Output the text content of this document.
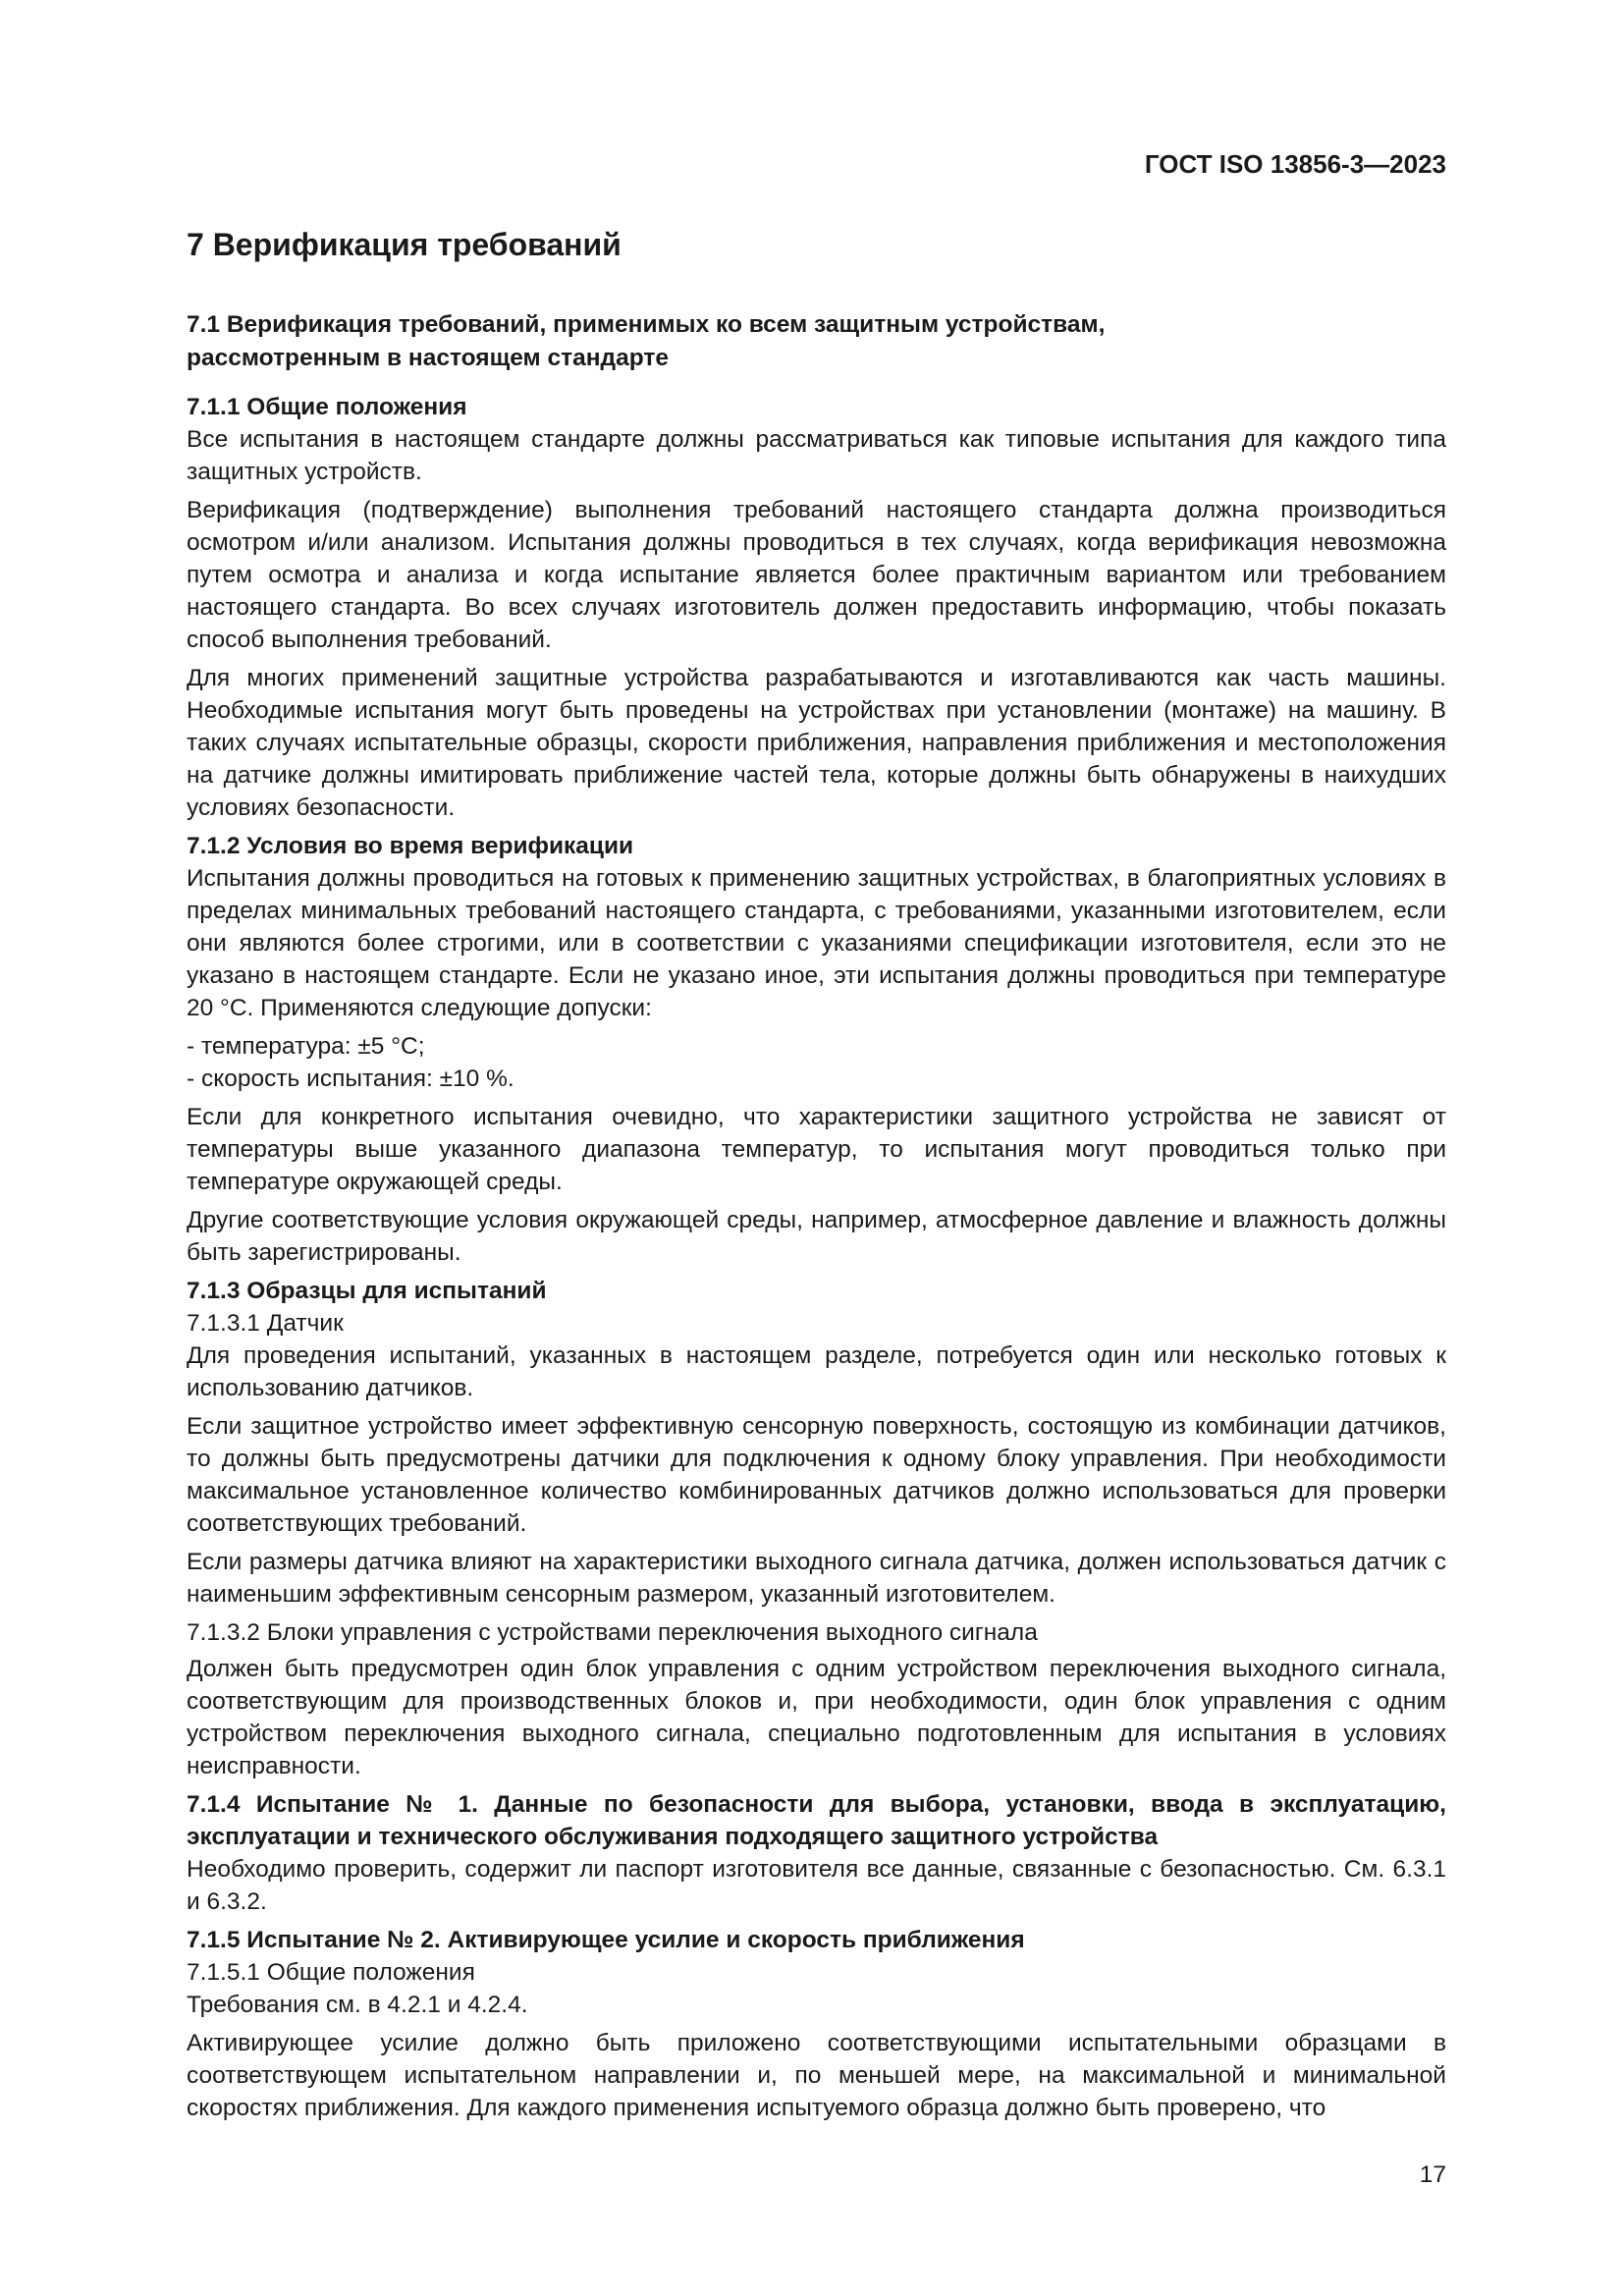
ГОСТ ISO 13856-3—2023
7 Верификация требований
7.1 Верификация требований, применимых ко всем защитным устройствам, рассмотренным в настоящем стандарте
7.1.1 Общие положения
Все испытания в настоящем стандарте должны рассматриваться как типовые испытания для каждого типа защитных устройств.
Верификация (подтверждение) выполнения требований настоящего стандарта должна производиться осмотром и/или анализом. Испытания должны проводиться в тех случаях, когда верификация невозможна путем осмотра и анализа и когда испытание является более практичным вариантом или требованием настоящего стандарта. Во всех случаях изготовитель должен предоставить информацию, чтобы показать способ выполнения требований.
Для многих применений защитные устройства разрабатываются и изготавливаются как часть машины. Необходимые испытания могут быть проведены на устройствах при установлении (монтаже) на машину. В таких случаях испытательные образцы, скорости приближения, направления приближения и местоположения на датчике должны имитировать приближение частей тела, которые должны быть обнаружены в наихудших условиях безопасности.
7.1.2 Условия во время верификации
Испытания должны проводиться на готовых к применению защитных устройствах, в благоприятных условиях в пределах минимальных требований настоящего стандарта, с требованиями, указанными изготовителем, если они являются более строгими, или в соответствии с указаниями спецификации изготовителя, если это не указано в настоящем стандарте. Если не указано иное, эти испытания должны проводиться при температуре 20 °С. Применяются следующие допуски:
- температура: ±5 °С;
- скорость испытания: ±10 %.
Если для конкретного испытания очевидно, что характеристики защитного устройства не зависят от температуры выше указанного диапазона температур, то испытания могут проводиться только при температуре окружающей среды.
Другие соответствующие условия окружающей среды, например, атмосферное давление и влажность должны быть зарегистрированы.
7.1.3 Образцы для испытаний
7.1.3.1 Датчик
Для проведения испытаний, указанных в настоящем разделе, потребуется один или несколько готовых к использованию датчиков.
Если защитное устройство имеет эффективную сенсорную поверхность, состоящую из комбинации датчиков, то должны быть предусмотрены датчики для подключения к одному блоку управления. При необходимости максимальное установленное количество комбинированных датчиков должно использоваться для проверки соответствующих требований.
Если размеры датчика влияют на характеристики выходного сигнала датчика, должен использоваться датчик с наименьшим эффективным сенсорным размером, указанный изготовителем.
7.1.3.2 Блоки управления с устройствами переключения выходного сигнала
Должен быть предусмотрен один блок управления с одним устройством переключения выходного сигнала, соответствующим для производственных блоков и, при необходимости, один блок управления с одним устройством переключения выходного сигнала, специально подготовленным для испытания в условиях неисправности.
7.1.4 Испытание № 1. Данные по безопасности для выбора, установки, ввода в эксплуатацию, эксплуатации и технического обслуживания подходящего защитного устройства
Необходимо проверить, содержит ли паспорт изготовителя все данные, связанные с безопасностью. См. 6.3.1 и 6.3.2.
7.1.5 Испытание № 2. Активирующее усилие и скорость приближения
7.1.5.1 Общие положения
Требования см. в 4.2.1 и 4.2.4.
Активирующее усилие должно быть приложено соответствующими испытательными образцами в соответствующем испытательном направлении и, по меньшей мере, на максимальной и минимальной скоростях приближения. Для каждого применения испытуемого образца должно быть проверено, что
17
